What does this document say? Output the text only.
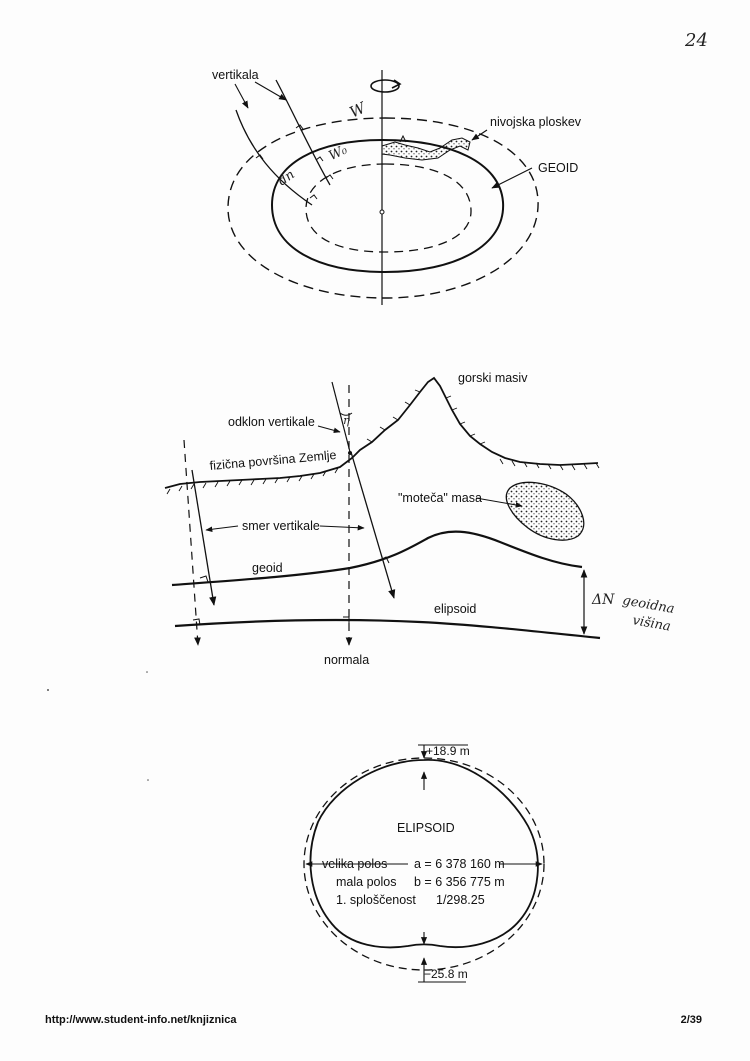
24
vertikala
W
W₀
dn
nivojska ploskev
GEOID
η
gorski masiv
odklon vertikale
fizična površina Zemlje
"moteča" masa
smer vertikale
geoid
elipsoid
ΔN geoidna
višina
normala
+18.9 m
−25.8 m
ELIPSOID
velika polos a = 6 378 160 m
mala polos b = 6 356 775 m
1. sploščenost 1/298.25
http://www.student-info.net/knjiznica	2/39
